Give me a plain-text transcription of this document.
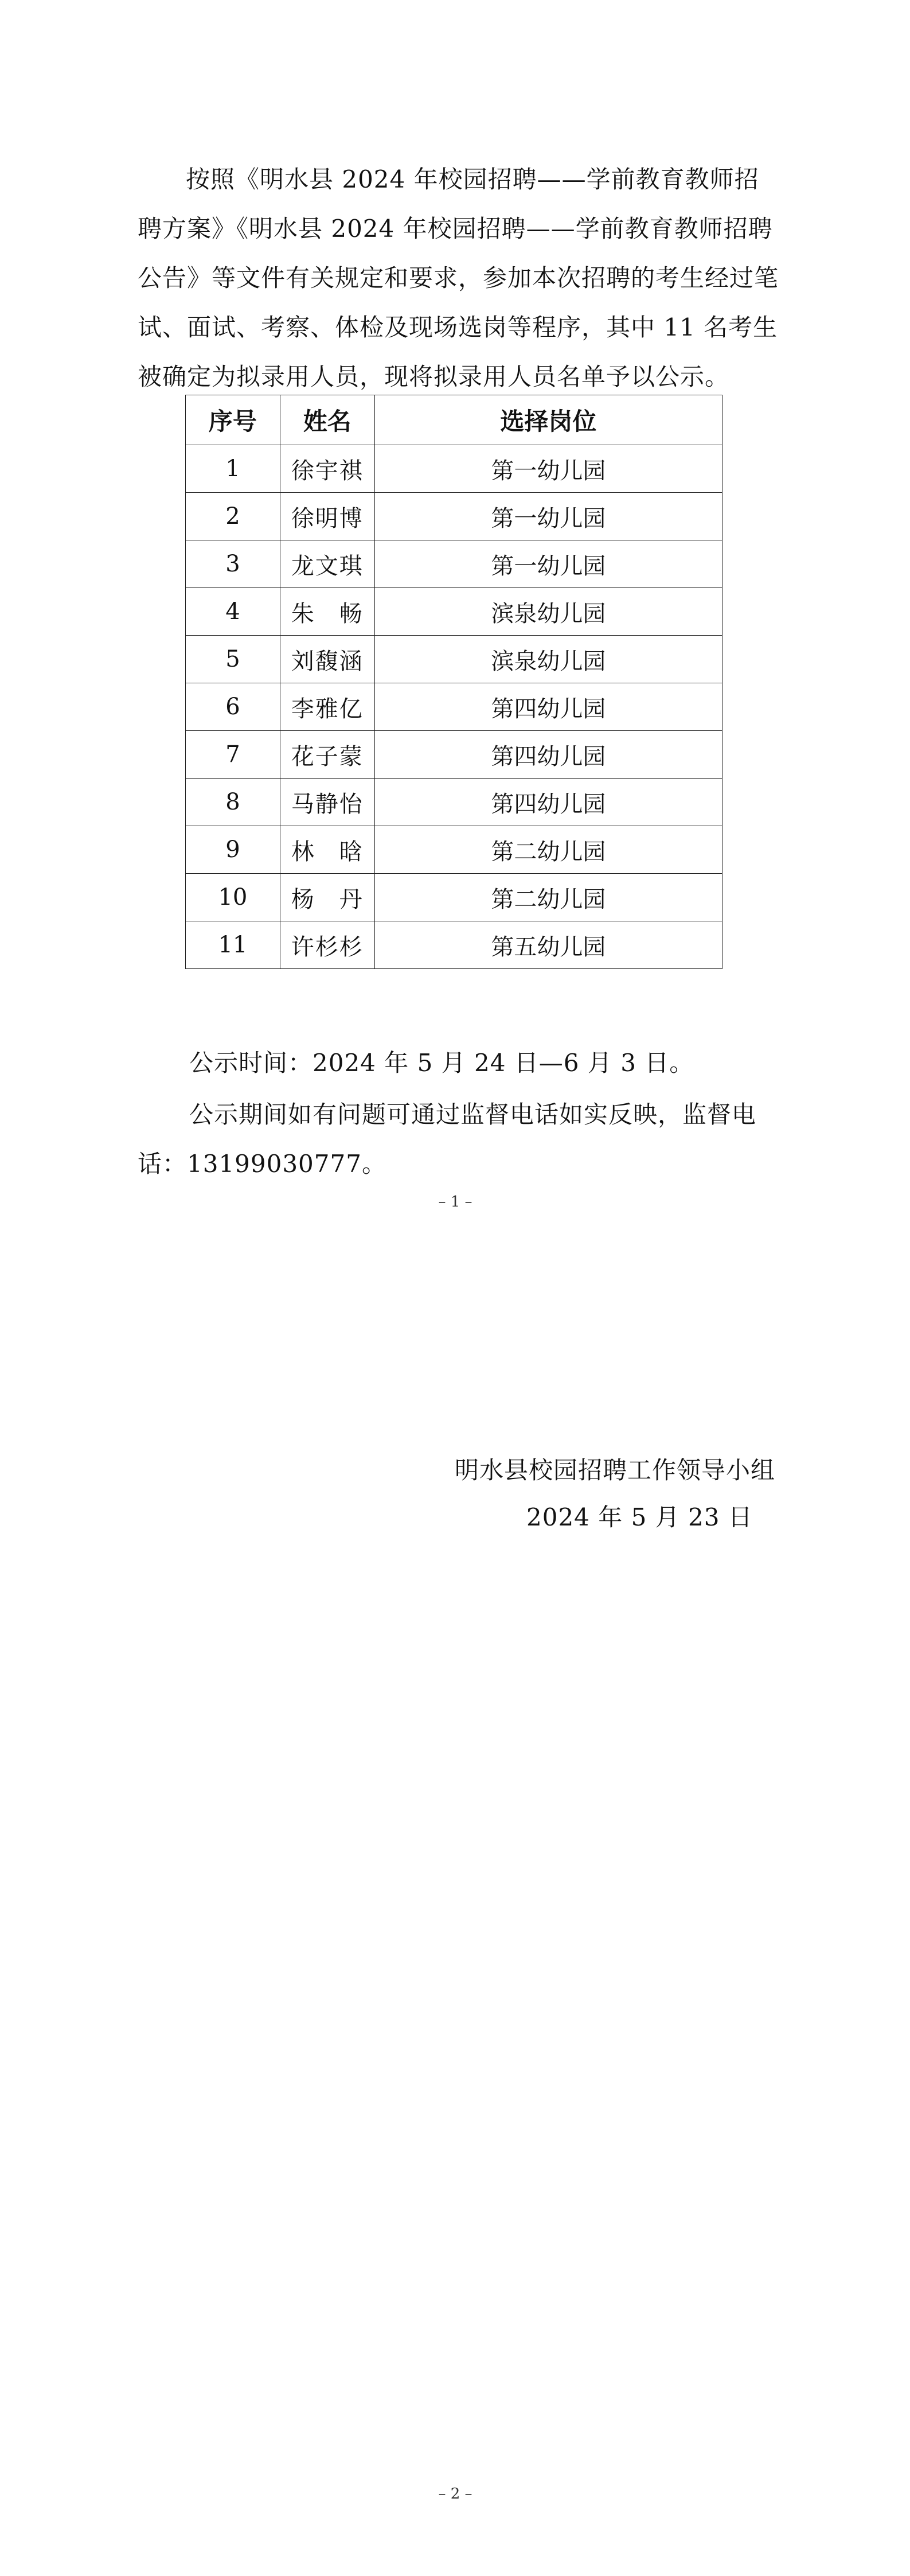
按照《明水县 2024 年校园招聘——学前教育教师招聘方案》《明水县 2024 年校园招聘——学前教育教师招聘公告》等文件有关规定和要求，参加本次招聘的考生经过笔试、面试、考察、体检及现场选岗等程序，其中 11 名考生被确定为拟录用人员，现将拟录用人员名单予以公示。

序号	姓名	选择岗位
1	徐宇祺	第一幼儿园
2	徐明博	第一幼儿园
3	龙文琪	第一幼儿园
4	朱　畅	滨泉幼儿园
5	刘馥涵	滨泉幼儿园
6	李雅亿	第四幼儿园
7	花子蒙	第四幼儿园
8	马静怡	第四幼儿园
9	林　晗	第二幼儿园
10	杨　丹	第二幼儿园
11	许杉杉	第五幼儿园

公示时间：2024 年 5 月 24 日—6 月 3 日。

公示期间如有问题可通过监督电话如实反映，监督电话：13199030777。

– 1 –

明水县校园招聘工作领导小组

2024 年 5 月 23 日

– 2 –
